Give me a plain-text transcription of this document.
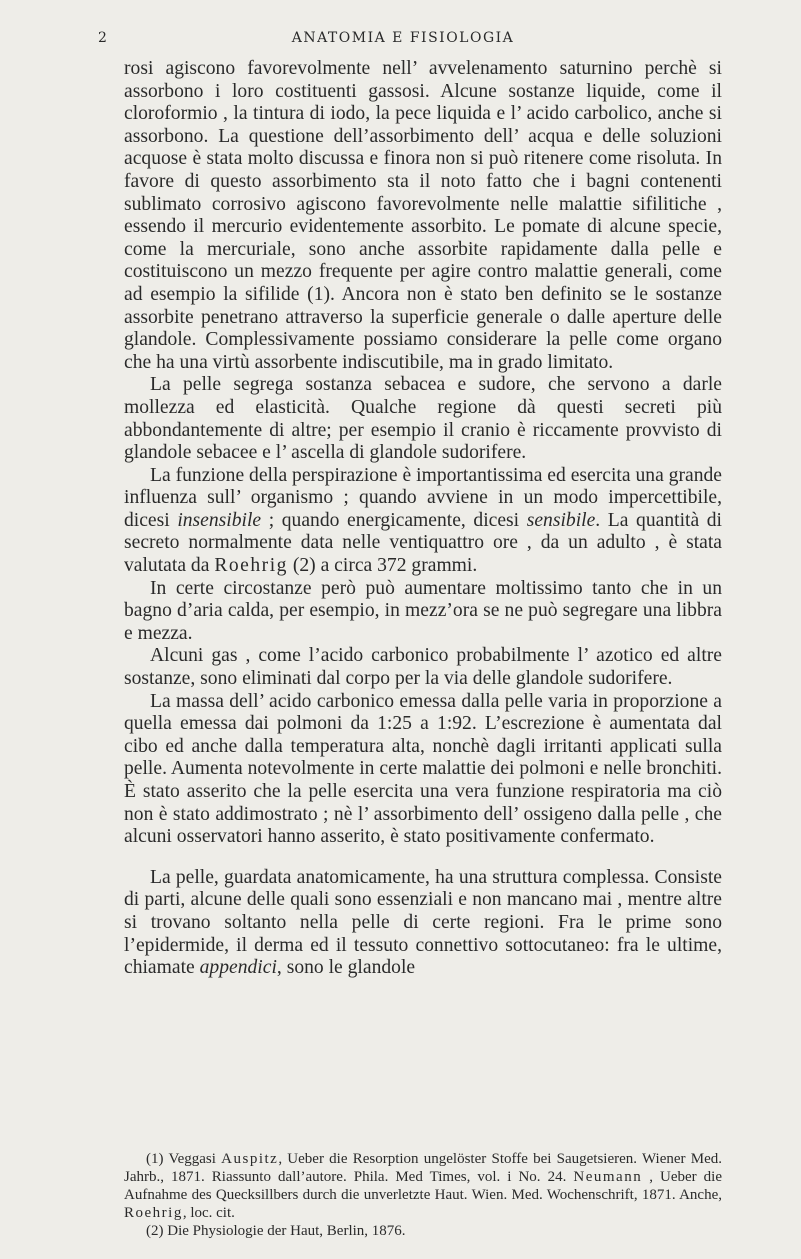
2	ANATOMIA E FISIOLOGIA

rosi agiscono favorevolmente nell’ avvelenamento saturnino perchè si assorbono i loro costituenti gassosi. Alcune sostanze liquide, come il cloroformio , la tintura di iodo, la pece liquida e l’ acido carbolico, anche si assorbono. La questione dell’assorbimento dell’ acqua e delle soluzioni acquose è stata molto discussa e finora non si può ritenere come risoluta. In favore di questo assorbimento sta il noto fatto che i bagni contenenti sublimato corrosivo agiscono favorevolmente nelle malattie sifilitiche , essendo il mercurio evidentemente assorbito. Le pomate di alcune specie, come la mercuriale, sono anche assorbite rapidamente dalla pelle e costituiscono un mezzo frequente per agire contro malattie generali, come ad esempio la sifilide (1). Ancora non è stato ben definito se le sostanze assorbite penetrano attraverso la superficie generale o dalle aperture delle glandole. Complessivamente possiamo considerare la pelle come organo che ha una virtù assorbente indiscutibile, ma in grado limitato.

La pelle segrega sostanza sebacea e sudore, che servono a darle mollezza ed elasticità. Qualche regione dà questi secreti più abbondantemente di altre; per esempio il cranio è riccamente provvisto di glandole sebacee e l’ ascella di glandole sudorifere.

La funzione della perspirazione è importantissima ed esercita una grande influenza sull’ organismo ; quando avviene in un modo impercettibile, dicesi insensibile ; quando energicamente, dicesi sensibile. La quantità di secreto normalmente data nelle ventiquattro ore , da un adulto , è stata valutata da Roehrig (2) a circa 372 grammi.

In certe circostanze però può aumentare moltissimo tanto che in un bagno d’aria calda, per esempio, in mezz’ora se ne può segregare una libbra e mezza.

Alcuni gas , come l’acido carbonico probabilmente l’ azotico ed altre sostanze, sono eliminati dal corpo per la via delle glandole sudorifere.

La massa dell’ acido carbonico emessa dalla pelle varia in proporzione a quella emessa dai polmoni da 1:25 a 1:92. L’escrezione è aumentata dal cibo ed anche dalla temperatura alta, nonchè dagli irritanti applicati sulla pelle. Aumenta notevolmente in certe malattie dei polmoni e nelle bronchiti. È stato asserito che la pelle esercita una vera funzione respiratoria ma ciò non è stato addimostrato ; nè l’ assorbimento dell’ ossigeno dalla pelle , che alcuni osservatori hanno asserito, è stato positivamente confermato.

La pelle, guardata anatomicamente, ha una struttura complessa. Consiste di parti, alcune delle quali sono essenziali e non mancano mai , mentre altre si trovano soltanto nella pelle di certe regioni. Fra le prime sono l’epidermide, il derma ed il tessuto connettivo sottocutaneo: fra le ultime, chiamate appendici, sono le glandole

(1) Veggasi Auspitz, Ueber die Resorption ungelöster Stoffe bei Saugetsieren. Wiener Med. Jahrb., 1871. Riassunto dall’autore. Phila. Med Times, vol. i No. 24. Neumann , Ueber die Aufnahme des Quecksillbers durch die unverletzte Haut. Wien. Med. Wochenschrift, 1871. Anche, Roehrig, loc. cit.

(2) Die Physiologie der Haut, Berlin, 1876.
